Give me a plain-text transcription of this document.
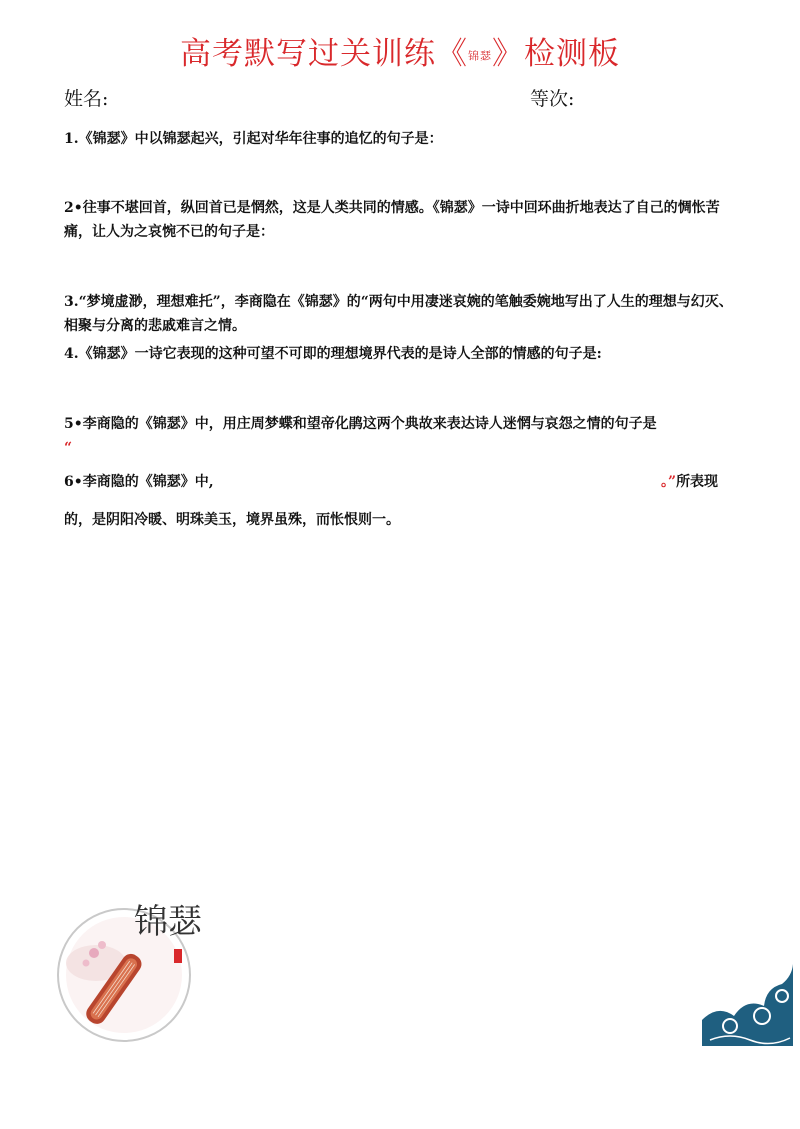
高考默写过关训练《锦瑟》检测板
姓名:	等次:
1.《锦瑟》中以锦瑟起兴，引起对华年往事的追忆的句子是：
2•往事不堪回首，纵回首已是惘然，这是人类共同的情感。《锦瑟》一诗中回环曲折地表达了自己的惆怅苦痛，让人为之哀惋不已的句子是：
3.“梦境虚渺，理想难托”，李商隐在《锦瑟》的“两句中用凄迷哀婉的笔触委婉地写出了人生的理想与幻灭、相聚与分离的悲戚难言之情。
4.《锦瑟》一诗它表现的这种可望不可即的理想境界代表的是诗人全部的情感的句子是:
5•李商隐的《锦瑟》中，用庄周梦蝶和望帝化鹃这两个典故来表达诗人迷惘与哀怨之情的句子是
“
6•李商隐的《锦瑟》中,	。”所表现
的，是阴阳冷暖、明珠美玉，境界虽殊，而怅恨则一。
锦瑟
